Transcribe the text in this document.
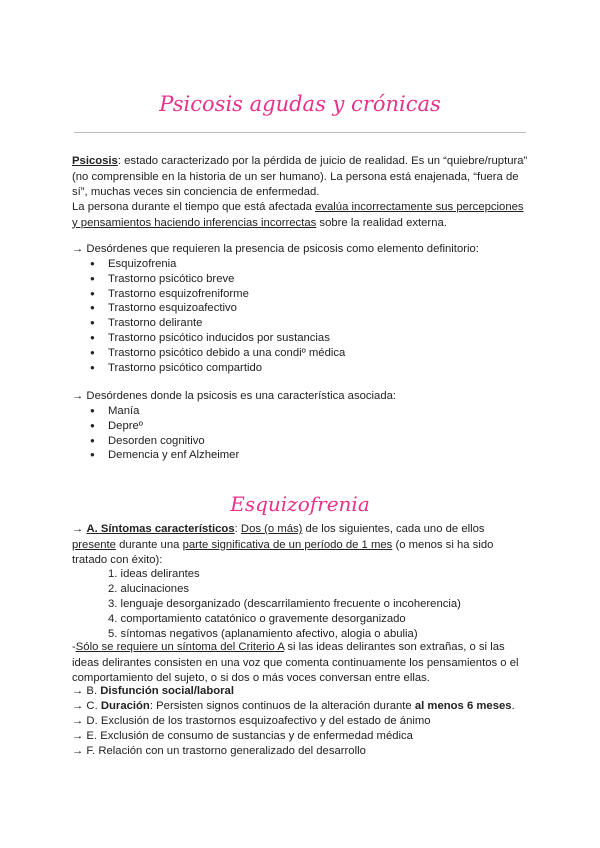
Psicosis agudas y crónicas
Psicosis: estado caracterizado por la pérdida de juicio de realidad. Es un “quiebre/ruptura” (no comprensible en la historia de un ser humano). La persona está enajenada, “fuera de sí”, muchas veces sin conciencia de enfermedad.
La persona durante el tiempo que está afectada evalúa incorrectamente sus percepciones y pensamientos haciendo inferencias incorrectas sobre la realidad externa.
→ Desórdenes que requieren la presencia de psicosis como elemento definitorio:
● Esquizofrenia
● Trastorno psicótico breve
● Trastorno esquizofreniforme
● Trastorno esquizoafectivo
● Trastorno delirante
● Trastorno psicótico inducidos por sustancias
● Trastorno psicótico debido a una condiº médica
● Trastorno psicótico compartido
→ Desórdenes donde la psicosis es una característica asociada:
● Manía
● Depreº
● Desorden cognitivo
● Demencia y enf Alzheimer
Esquizofrenia
→ A. Síntomas característicos: Dos (o más) de los siguientes, cada uno de ellos presente durante una parte significativa de un período de 1 mes (o menos si ha sido tratado con éxito):
1. ideas delirantes
2. alucinaciones
3. lenguaje desorganizado (descarrilamiento frecuente o incoherencia)
4. comportamiento catatónico o gravemente desorganizado
5. síntomas negativos (aplanamiento afectivo, alogia o abulia)
-Sólo se requiere un síntoma del Criterio A si las ideas delirantes son extrañas, o si las ideas delirantes consisten en una voz que comenta continuamente los pensamientos o el comportamiento del sujeto, o si dos o más voces conversan entre ellas.
→ B. Disfunción social/laboral
→ C. Duración: Persisten signos continuos de la alteración durante al menos 6 meses.
→ D. Exclusión de los trastornos esquizoafectivo y del estado de ánimo
→ E. Exclusión de consumo de sustancias y de enfermedad médica
→ F. Relación con un trastorno generalizado del desarrollo
